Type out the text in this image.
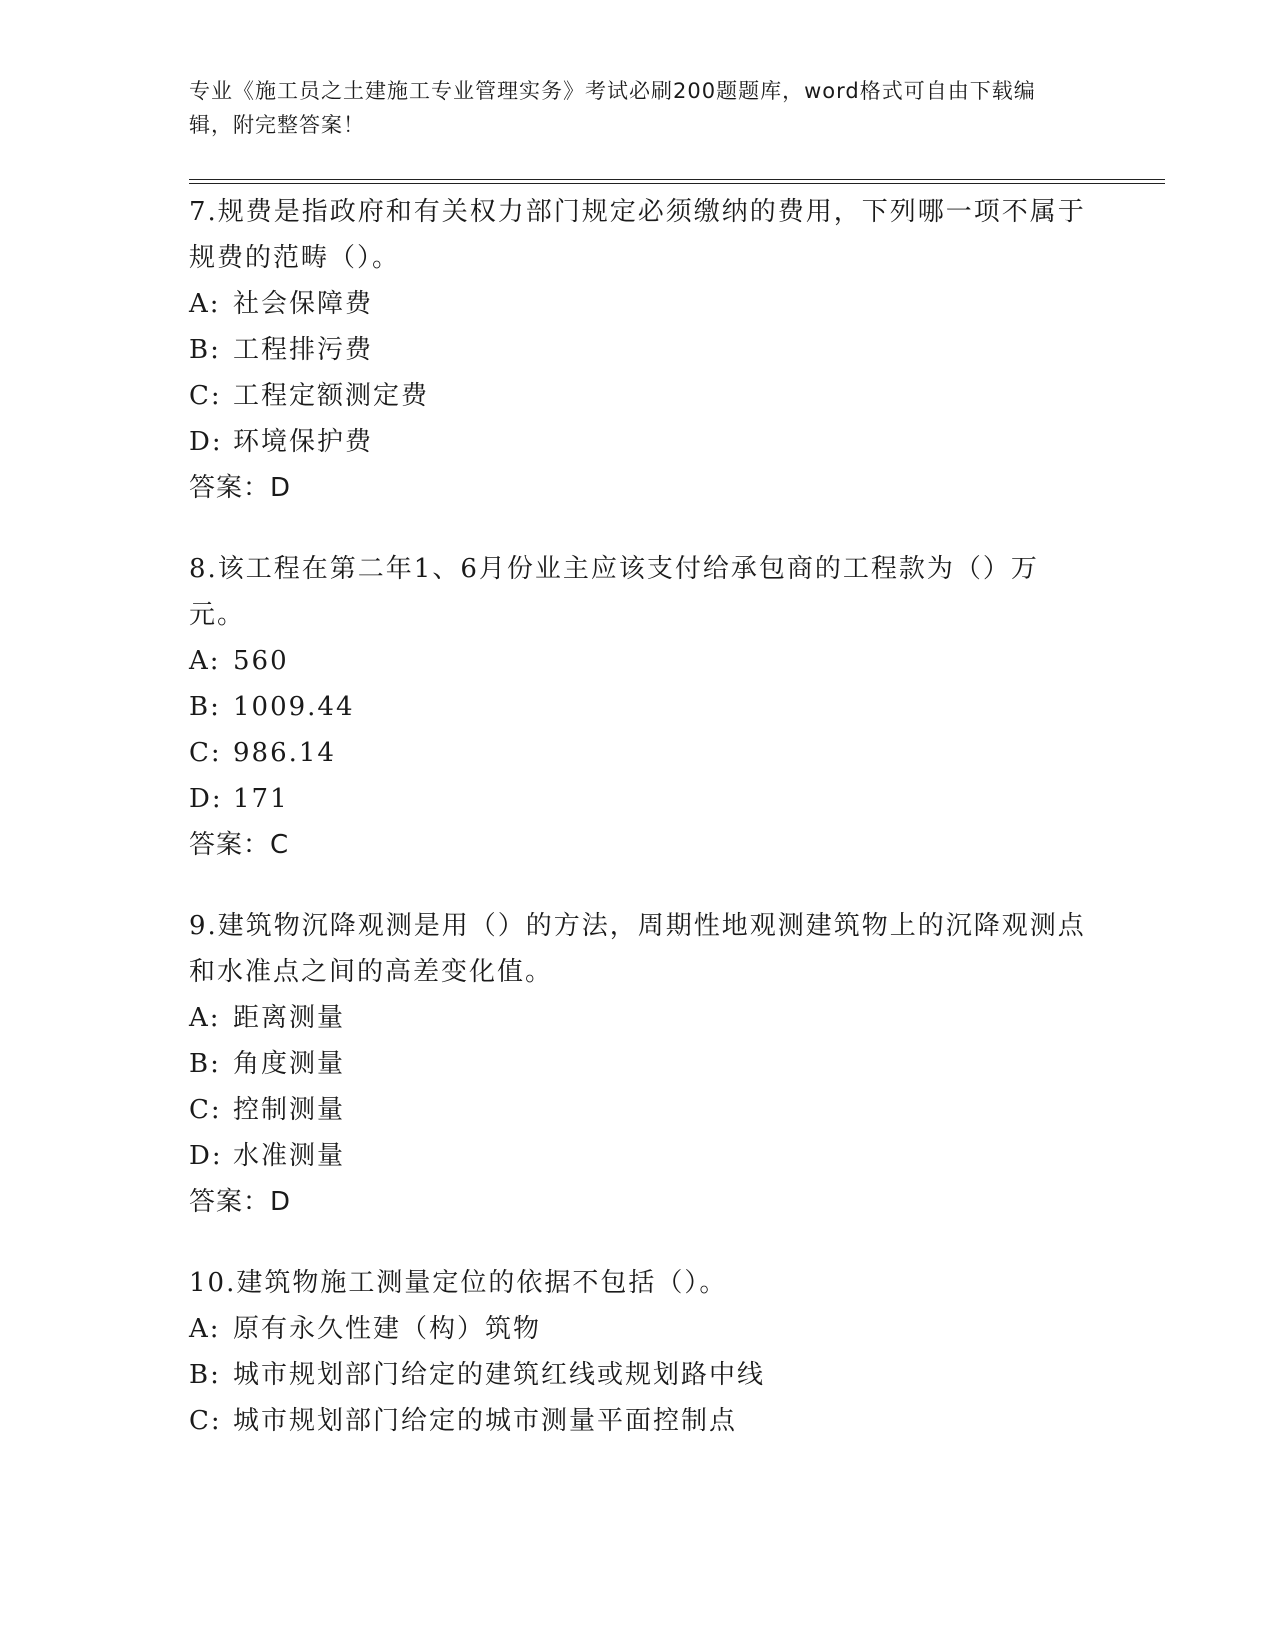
专业《施工员之土建施工专业管理实务》考试必刷200题题库，word格式可自由下载编辑，附完整答案！
7.规费是指政府和有关权力部门规定必须缴纳的费用，下列哪一项不属于规费的范畴（）。
A: 社会保障费
B: 工程排污费
C: 工程定额测定费
D: 环境保护费
答案：D
8.该工程在第二年1、6月份业主应该支付给承包商的工程款为（）万元。
A: 560
B: 1009.44
C: 986.14
D: 171
答案：C
9.建筑物沉降观测是用（）的方法，周期性地观测建筑物上的沉降观测点和水准点之间的高差变化值。
A: 距离测量
B: 角度测量
C: 控制测量
D: 水准测量
答案：D
10.建筑物施工测量定位的依据不包括（）。
A: 原有永久性建（构）筑物
B: 城市规划部门给定的建筑红线或规划路中线
C: 城市规划部门给定的城市测量平面控制点
